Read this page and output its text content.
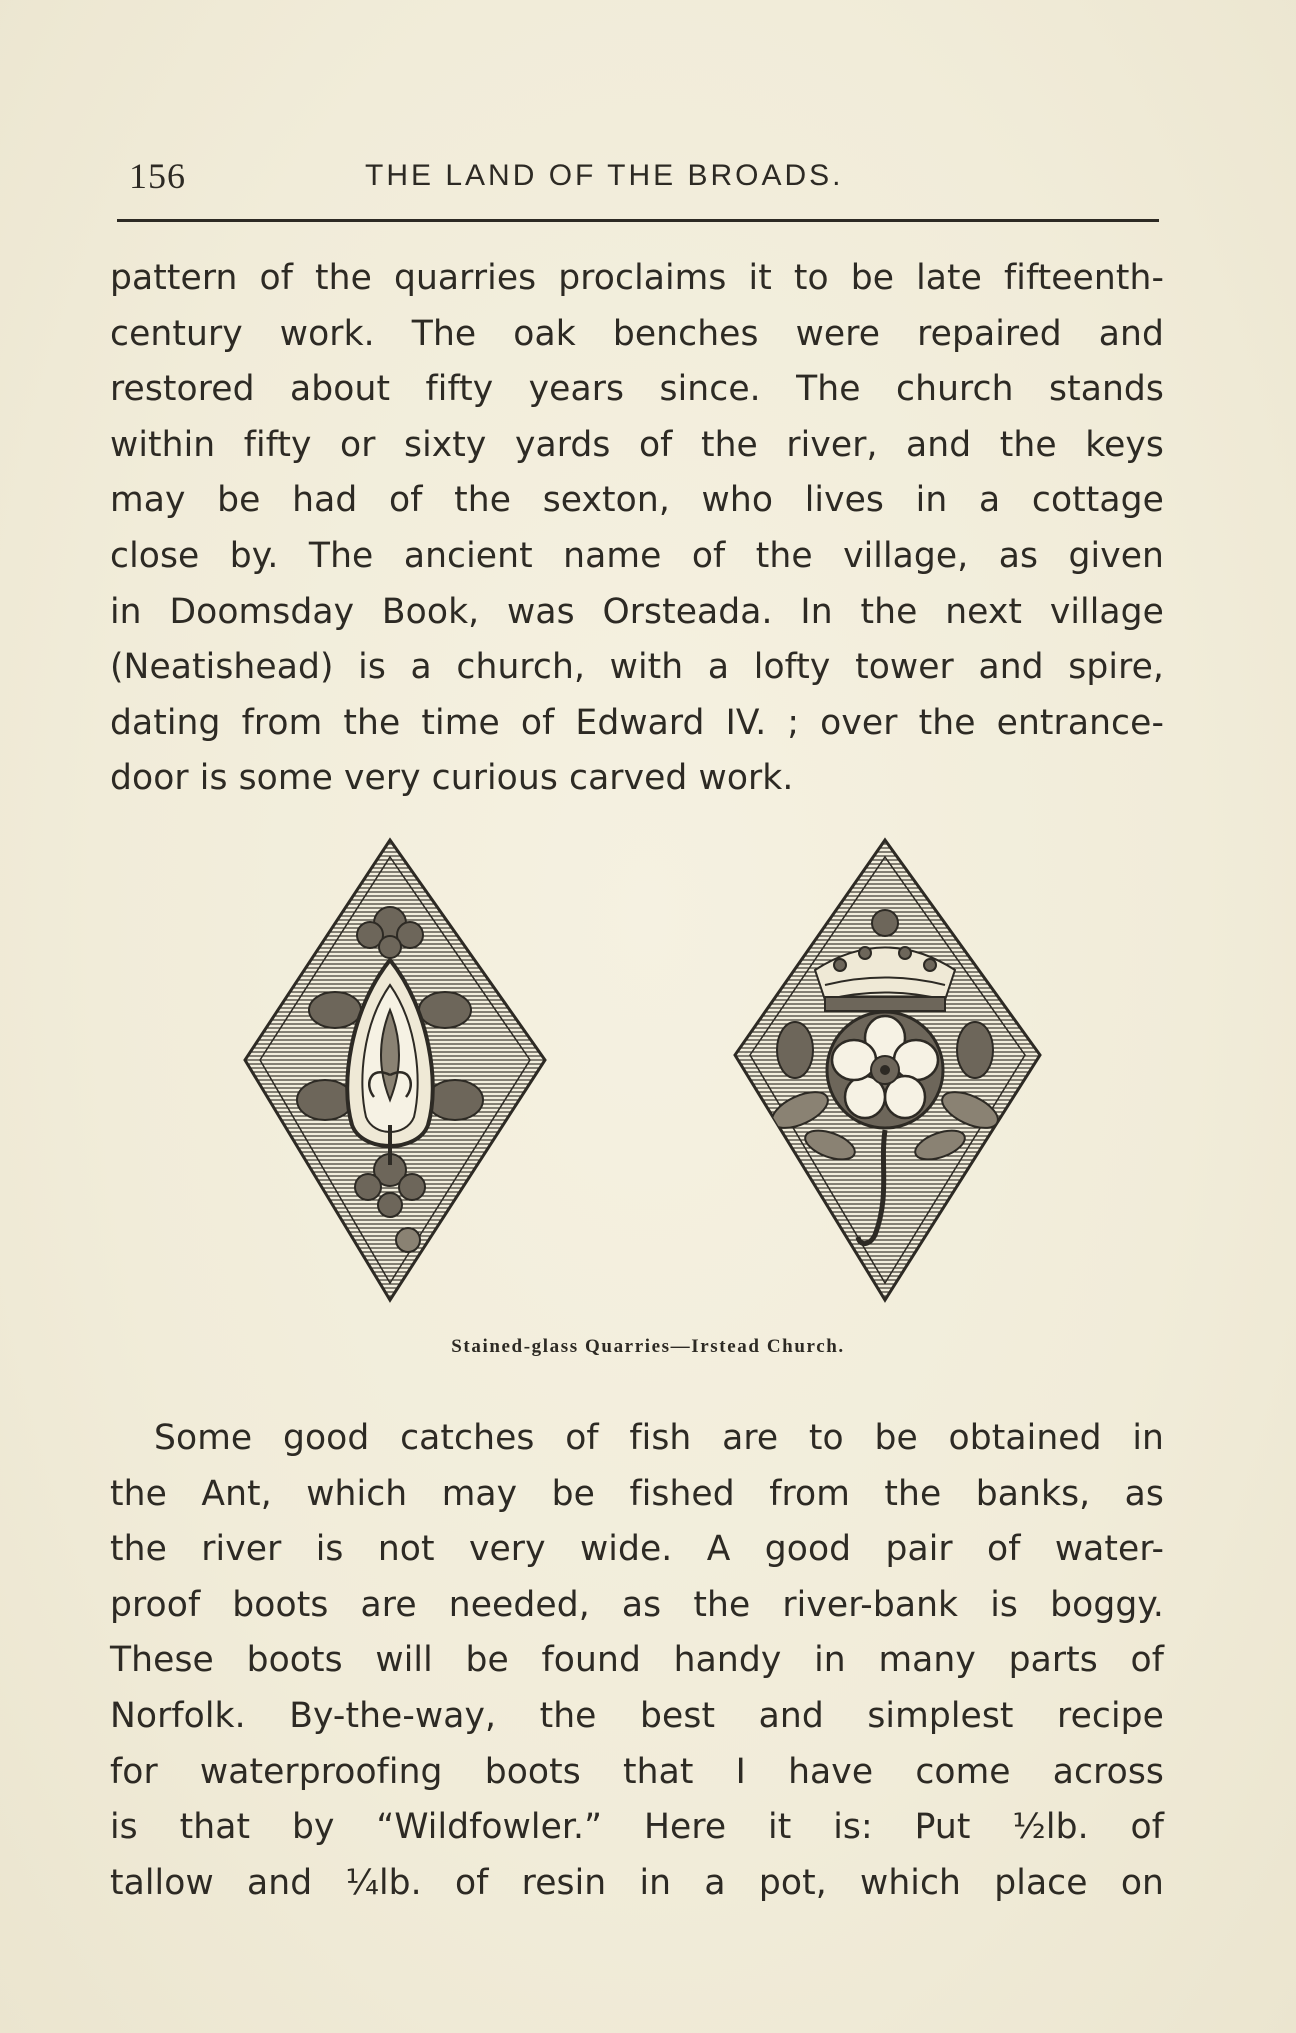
156	THE LAND OF THE BROADS.
pattern of the quarries proclaims it to be late fifteenth-
century work. The oak benches were repaired and
restored about fifty years since. The church stands
within fifty or sixty yards of the river, and the keys
may be had of the sexton, who lives in a cottage
close by. The ancient name of the village, as given
in Doomsday Book, was Orsteada. In the next village
(Neatishead) is a church, with a lofty tower and spire,
dating from the time of Edward IV. ; over the entrance-
door is some very curious carved work.
Stained-glass Quarries—Irstead Church.
Some good catches of fish are to be obtained in
the Ant, which may be fished from the banks, as
the river is not very wide. A good pair of water-
proof boots are needed, as the river-bank is boggy.
These boots will be found handy in many parts of
Norfolk. By-the-way, the best and simplest recipe
for waterproofing boots that I have come across
is that by “Wildfowler.” Here it is: Put ½lb. of
tallow and ¼lb. of resin in a pot, which place on
